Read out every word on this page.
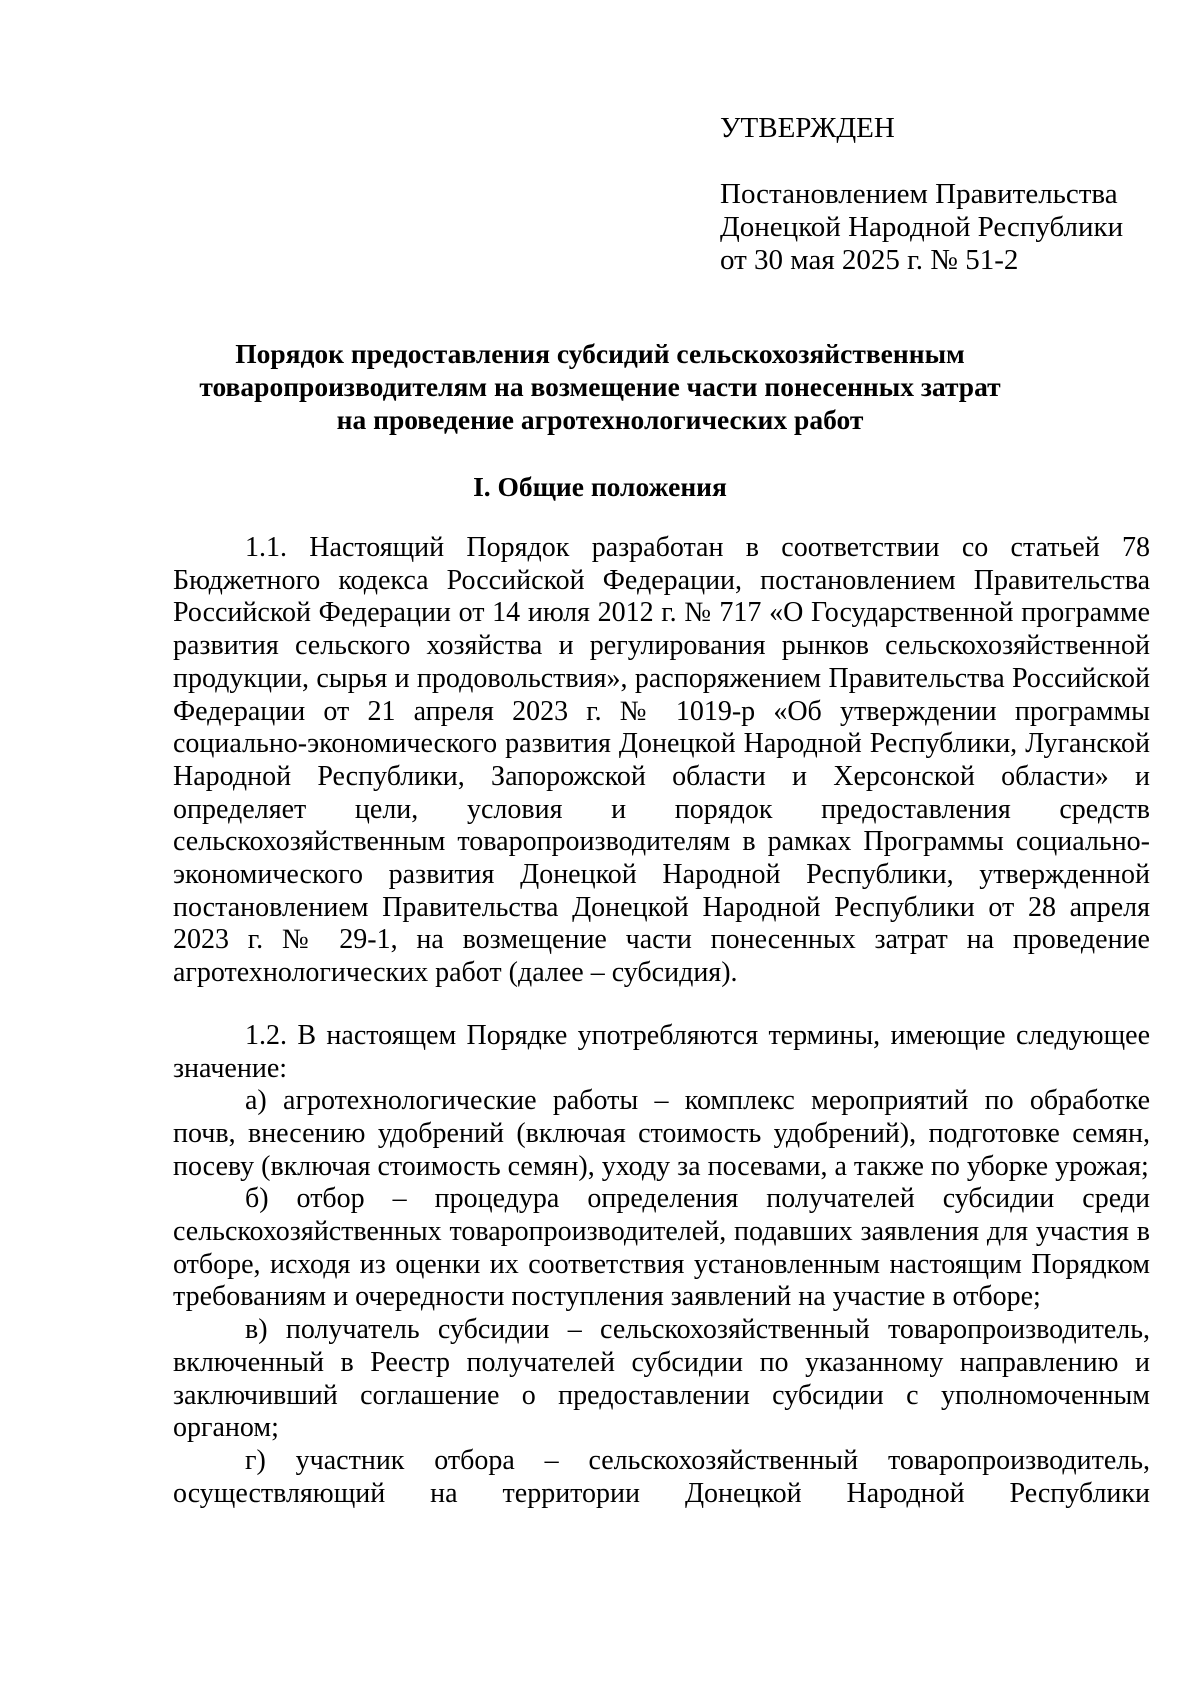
УТВЕРЖДЕН
Постановлением Правительства
Донецкой Народной Республики
от 30 мая 2025 г. № 51-2
Порядок предоставления субсидий сельскохозяйственным
товаропроизводителям на возмещение части понесенных затрат
на проведение агротехнологических работ
I. Общие положения

1.1. Настоящий Порядок разработан в соответствии со статьей 78 Бюджетного кодекса Российской Федерации, постановлением Правительства Российской Федерации от 14 июля 2012 г. № 717 «О Государственной программе развития сельского хозяйства и регулирования рынков сельскохозяйственной продукции, сырья и продовольствия», распоряжением Правительства Российской Федерации от 21 апреля 2023 г. № 1019-р «Об утверждении программы социально-экономического развития Донецкой Народной Республики, Луганской Народной Республики, Запорожской области и Херсонской области» и определяет цели, условия и порядок предоставления средств сельскохозяйственным товаропроизводителям в рамках Программы социально-экономического развития Донецкой Народной Республики, утвержденной постановлением Правительства Донецкой Народной Республики от 28 апреля 2023 г. № 29-1, на возмещение части понесенных затрат на проведение агротехнологических работ (далее – субсидия).

1.2. В настоящем Порядке употребляются термины, имеющие следующее значение:

а) агротехнологические работы – комплекс мероприятий по обработке почв, внесению удобрений (включая стоимость удобрений), подготовке семян, посеву (включая стоимость семян), уходу за посевами, а также по уборке урожая;

б) отбор – процедура определения получателей субсидии среди сельскохозяйственных товаропроизводителей, подавших заявления для участия в отборе, исходя из оценки их соответствия установленным настоящим Порядком требованиям и очередности поступления заявлений на участие в отборе;

в) получатель субсидии – сельскохозяйственный товаропроизводитель, включенный в Реестр получателей субсидии по указанному направлению и заключивший соглашение о предоставлении субсидии с уполномоченным органом;

г) участник отбора – сельскохозяйственный товаропроизводитель, осуществляющий на территории Донецкой Народной Республики
